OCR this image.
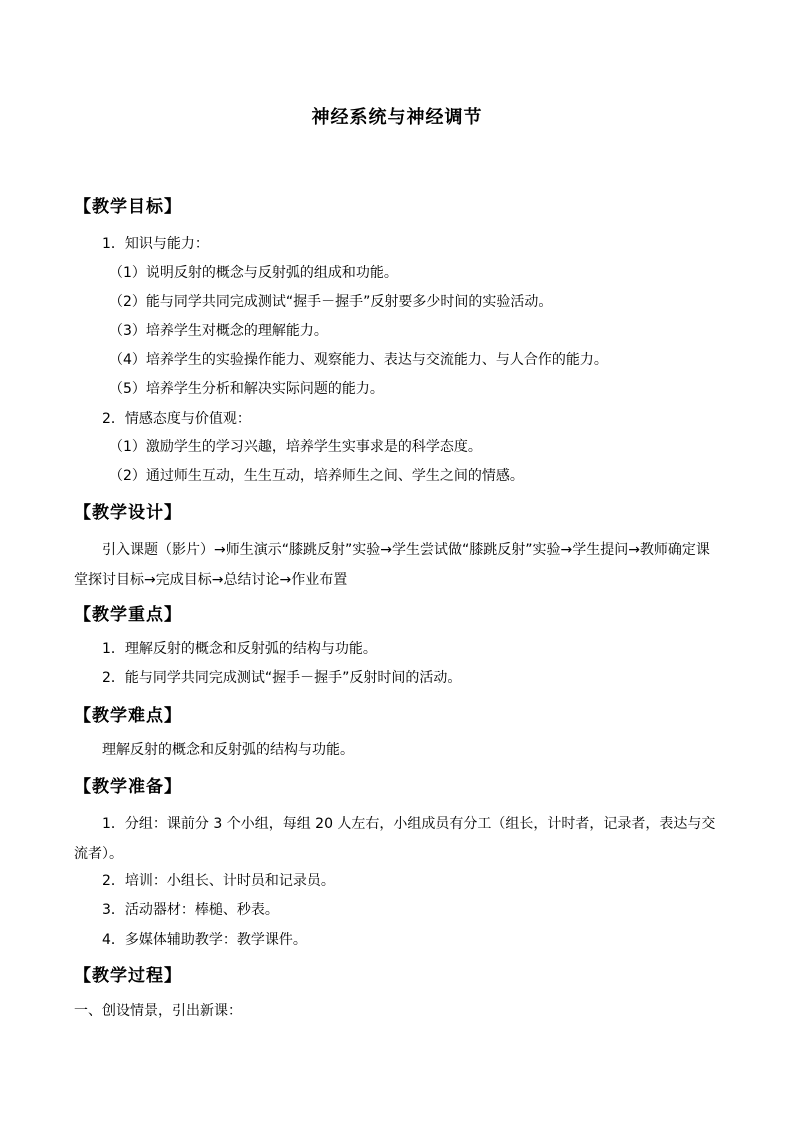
神经系统与神经调节
【教学目标】
1．知识与能力：
（1）说明反射的概念与反射弧的组成和功能。
（2）能与同学共同完成测试“握手－握手”反射要多少时间的实验活动。
（3）培养学生对概念的理解能力。
（4）培养学生的实验操作能力、观察能力、表达与交流能力、与人合作的能力。
（5）培养学生分析和解决实际问题的能力。
2．情感态度与价值观：
（1）激励学生的学习兴趣，培养学生实事求是的科学态度。
（2）通过师生互动，生生互动，培养师生之间、学生之间的情感。
【教学设计】
引入课题（影片）→师生演示“膝跳反射”实验→学生尝试做“膝跳反射”实验→学生提问→教师确定课堂探讨目标→完成目标→总结讨论→作业布置
【教学重点】
1．理解反射的概念和反射弧的结构与功能。
2．能与同学共同完成测试“握手－握手”反射时间的活动。
【教学难点】
理解反射的概念和反射弧的结构与功能。
【教学准备】
1．分组：课前分 3 个小组，每组 20 人左右，小组成员有分工（组长，计时者，记录者，表达与交流者）。
2．培训：小组长、计时员和记录员。
3．活动器材：棒槌、秒表。
4．多媒体辅助教学：教学课件。
【教学过程】
一、创设情景，引出新课：
